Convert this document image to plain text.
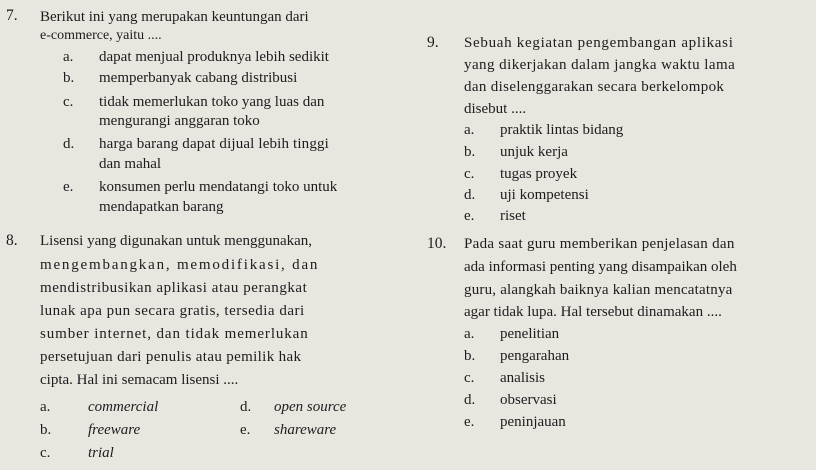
7. Berikut ini yang merupakan keuntungan dari
e-commerce, yaitu ....
a. dapat menjual produknya lebih sedikit
b. memperbanyak cabang distribusi
c. tidak memerlukan toko yang luas dan
mengurangi anggaran toko
d. harga barang dapat dijual lebih tinggi
dan mahal
e. konsumen perlu mendatangi toko untuk
mendapatkan barang
8. Lisensi yang digunakan untuk menggunakan,
mengembangkan, memodifikasi, dan
mendistribusikan aplikasi atau perangkat
lunak apa pun secara gratis, tersedia dari
sumber internet, dan tidak memerlukan
persetujuan dari penulis atau pemilik hak
cipta. Hal ini semacam lisensi ....
a.	commercial
b. freeware
c.	trial
d. open source
e. shareware
9. Sebuah kegiatan pengembangan aplikasi
yang dikerjakan dalam jangka waktu lama
dan diselenggarakan secara berkelompok
disebut ....
a. praktik lintas bidang
b. unjuk kerja
c. tugas proyek
d. uji kompetensi
e. riset
10. Pada saat guru memberikan penjelasan dan
ada informasi penting yang disampaikan oleh
guru, alangkah baiknya kalian mencatatnya
agar tidak lupa. Hal tersebut dinamakan ....
a. penelitian
b. pengarahan
c. analisis
d. observasi
e. peninjauan
